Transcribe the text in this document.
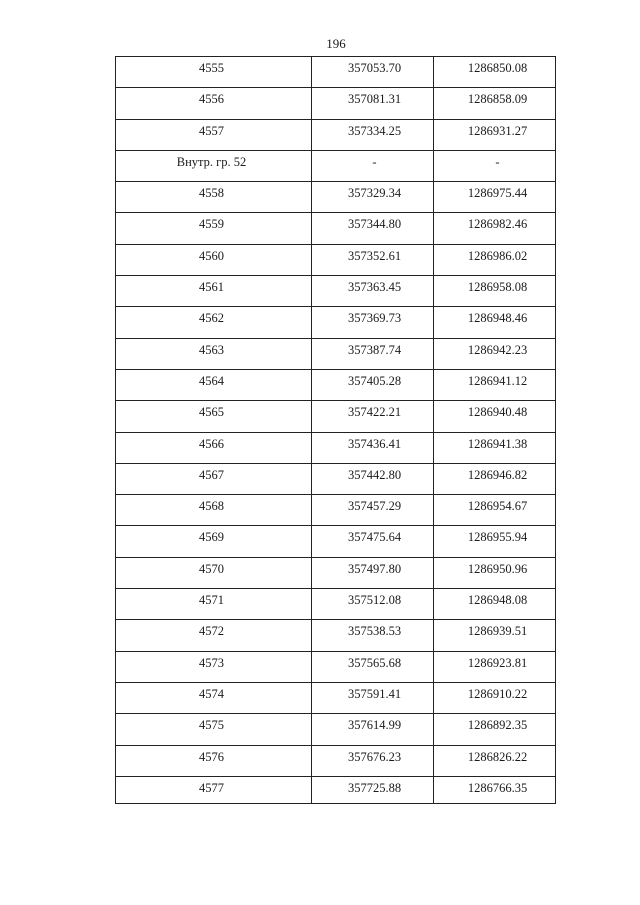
196
4555	357053.70	1286850.08

4556	357081.31	1286858.09

4557	357334.25	1286931.27

Внутр. гр. 52	-	-

4558	357329.34	1286975.44

4559	357344.80	1286982.46

4560	357352.61	1286986.02

4561	357363.45	1286958.08

4562	357369.73	1286948.46

4563	357387.74	1286942.23

4564	357405.28	1286941.12

4565	357422.21	1286940.48

4566	357436.41	1286941.38

4567	357442.80	1286946.82

4568	357457.29	1286954.67

4569	357475.64	1286955.94

4570	357497.80	1286950.96

4571	357512.08	1286948.08

4572	357538.53	1286939.51

4573	357565.68	1286923.81

4574	357591.41	1286910.22

4575	357614.99	1286892.35

4576	357676.23	1286826.22

4577	357725.88	1286766.35
